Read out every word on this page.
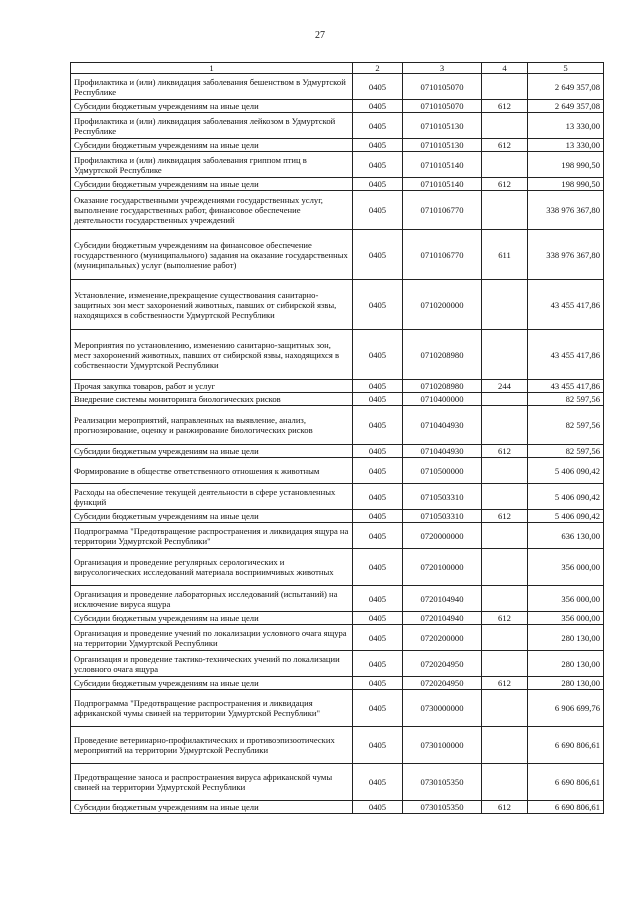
27
1	2	3	4	5
Профилактика и (или) ликвидация заболевания бешенством в Удмуртской Республике	0405	0710105070		2 649 357,08
Субсидии бюджетным учреждениям на иные цели	0405	0710105070	612	2 649 357,08
Профилактика и (или) ликвидация заболевания лейкозом в Удмуртской Республике	0405	0710105130		13 330,00
Субсидии бюджетным учреждениям на иные цели	0405	0710105130	612	13 330,00
Профилактика и (или) ликвидация заболевания гриппом птиц в Удмуртской Республике	0405	0710105140		198 990,50
Субсидии бюджетным учреждениям на иные цели	0405	0710105140	612	198 990,50
Оказание государственными учреждениями государственных услуг, выполнение государственных работ, финансовое обеспечение деятельности государственных учреждений	0405	0710106770		338 976 367,80
Субсидии бюджетным учреждениям на финансовое обеспечение государственного (муниципального) задания на оказание государственных (муниципальных) услуг (выполнение работ)	0405	0710106770	611	338 976 367,80
Установление, изменение,прекращение существования санитарно-защитных зон мест захоронений животных, павших от сибирской язвы, находящихся в собственности Удмуртской Республики	0405	0710200000		43 455 417,86
Мероприятия по установлению, изменению санитарно-защитных зон, мест захоронений животных, павших от сибирской язвы, находящихся в собственности Удмуртской Республики	0405	0710208980		43 455 417,86
Прочая закупка товаров, работ и услуг	0405	0710208980	244	43 455 417,86
Внедрение системы мониторинга биологических рисков	0405	0710400000		82 597,56
Реализации мероприятий, направленных на выявление, анализ, прогнозирование, оценку и ранжирование биологических рисков	0405	0710404930		82 597,56
Субсидии бюджетным учреждениям на иные цели	0405	0710404930	612	82 597,56
Формирование в обществе ответственного отношения к животным	0405	0710500000		5 406 090,42
Расходы на обеспечение текущей деятельности в сфере установленных функций	0405	0710503310		5 406 090,42
Субсидии бюджетным учреждениям на иные цели	0405	0710503310	612	5 406 090,42
Подпрограмма "Предотвращение распространения и ликвидация ящура на территории Удмуртской Республики"	0405	0720000000		636 130,00
Организация и проведение регулярных серологических и вирусологических исследований материала восприимчивых животных	0405	0720100000		356 000,00
Организация и проведение лабораторных исследований (испытаний) на исключение вируса ящура	0405	0720104940		356 000,00
Субсидии бюджетным учреждениям на иные цели	0405	0720104940	612	356 000,00
Организация и проведение учений по локализации условного очага ящура на территории Удмуртской Республики	0405	0720200000		280 130,00
Организация и проведение тактико-технических учений по локализации условного очага ящура	0405	0720204950		280 130,00
Субсидии бюджетным учреждениям на иные цели	0405	0720204950	612	280 130,00
Подпрограмма "Предотвращение распространения и ликвидация африканской чумы свиней на территории Удмуртской Республики"	0405	0730000000		6 906 699,76
Проведение ветеринарно-профилактических и противоэпизоотических мероприятий на территории Удмуртской Республики	0405	0730100000		6 690 806,61
Предотвращение заноса и распространения вируса африканской чумы свиней на территории Удмуртской Республики	0405	0730105350		6 690 806,61
Субсидии бюджетным учреждениям на иные цели	0405	0730105350	612	6 690 806,61
